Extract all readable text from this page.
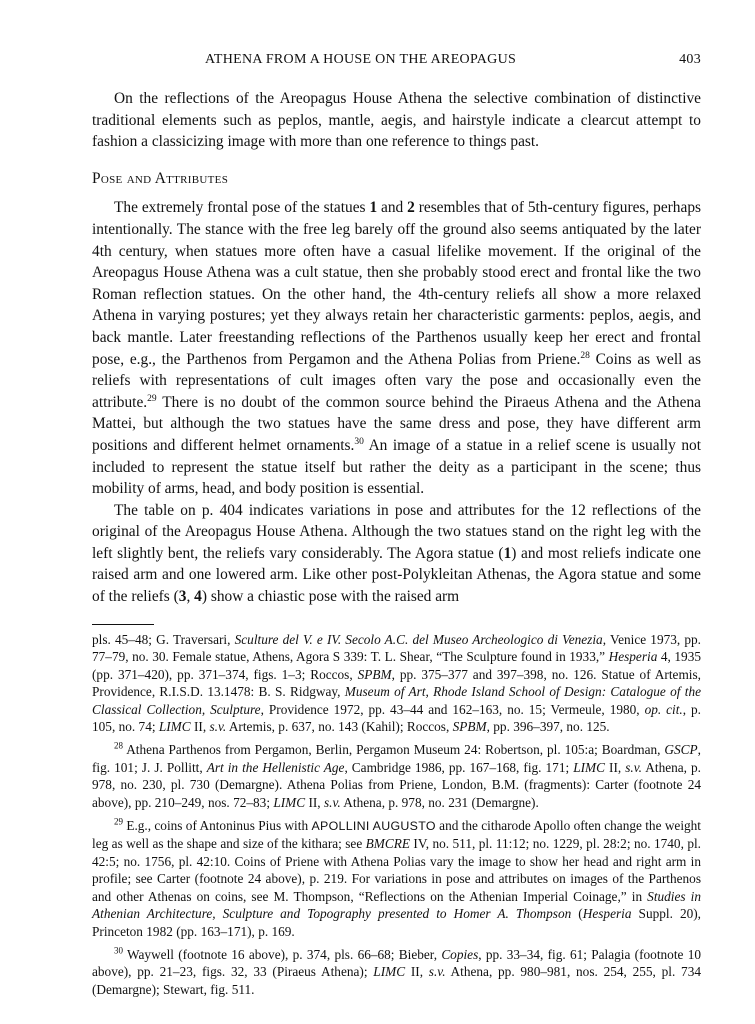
ATHENA FROM A HOUSE ON THE AREOPAGUS	403

On the reflections of the Areopagus House Athena the selective combination of distinctive traditional elements such as peplos, mantle, aegis, and hairstyle indicate a clearcut attempt to fashion a classicizing image with more than one reference to things past.

Pose and Attributes

The extremely frontal pose of the statues 1 and 2 resembles that of 5th-century figures, perhaps intentionally. The stance with the free leg barely off the ground also seems antiquated by the later 4th century, when statues more often have a casual lifelike movement. If the original of the Areopagus House Athena was a cult statue, then she probably stood erect and frontal like the two Roman reflection statues. On the other hand, the 4th-century reliefs all show a more relaxed Athena in varying postures; yet they always retain her characteristic garments: peplos, aegis, and back mantle. Later freestanding reflections of the Parthenos usually keep her erect and frontal pose, e.g., the Parthenos from Pergamon and the Athena Polias from Priene.$^{28}$ Coins as well as reliefs with representations of cult images often vary the pose and occasionally even the attribute.$^{29}$ There is no doubt of the common source behind the Piraeus Athena and the Athena Mattei, but although the two statues have the same dress and pose, they have different arm positions and different helmet ornaments.$^{30}$ An image of a statue in a relief scene is usually not included to represent the statue itself but rather the deity as a participant in the scene; thus mobility of arms, head, and body position is essential.

The table on p. 404 indicates variations in pose and attributes for the 12 reflections of the original of the Areopagus House Athena. Although the two statues stand on the right leg with the left slightly bent, the reliefs vary considerably. The Agora statue (1) and most reliefs indicate one raised arm and one lowered arm. Like other post-Polykleitan Athenas, the Agora statue and some of the reliefs (3, 4) show a chiastic pose with the raised arm

pls. 45–48; G. Traversari, Sculture del V. e IV. Secolo A.C. del Museo Archeologico di Venezia, Venice 1973, pp. 77–79, no. 30. Female statue, Athens, Agora S 339: T. L. Shear, “The Sculpture found in 1933,” Hesperia 4, 1935 (pp. 371–420), pp. 371–374, figs. 1–3; Roccos, SPBM, pp. 375–377 and 397–398, no. 126. Statue of Artemis, Providence, R.I.S.D. 13.1478: B. S. Ridgway, Museum of Art, Rhode Island School of Design: Catalogue of the Classical Collection, Sculpture, Providence 1972, pp. 43–44 and 162–163, no. 15; Vermeule, 1980, op. cit., p. 105, no. 74; LIMC II, s.v. Artemis, p. 637, no. 143 (Kahil); Roccos, SPBM, pp. 396–397, no. 125.

$^{28}$ Athena Parthenos from Pergamon, Berlin, Pergamon Museum 24: Robertson, pl. 105:a; Boardman, GSCP, fig. 101; J. J. Pollitt, Art in the Hellenistic Age, Cambridge 1986, pp. 167–168, fig. 171; LIMC II, s.v. Athena, p. 978, no. 230, pl. 730 (Demargne). Athena Polias from Priene, London, B.M. (fragments): Carter (footnote 24 above), pp. 210–249, nos. 72–83; LIMC II, s.v. Athena, p. 978, no. 231 (Demargne).

$^{29}$ E.g., coins of Antoninus Pius with APOLLINI AUGUSTO and the citharode Apollo often change the weight leg as well as the shape and size of the kithara; see BMCRE IV, no. 511, pl. 11:12; no. 1229, pl. 28:2; no. 1740, pl. 42:5; no. 1756, pl. 42:10. Coins of Priene with Athena Polias vary the image to show her head and right arm in profile; see Carter (footnote 24 above), p. 219. For variations in pose and attributes on images of the Parthenos and other Athenas on coins, see M. Thompson, “Reflections on the Athenian Imperial Coinage,” in Studies in Athenian Architecture, Sculpture and Topography presented to Homer A. Thompson (Hesperia Suppl. 20), Princeton 1982 (pp. 163–171), p. 169.

$^{30}$ Waywell (footnote 16 above), p. 374, pls. 66–68; Bieber, Copies, pp. 33–34, fig. 61; Palagia (footnote 10 above), pp. 21–23, figs. 32, 33 (Piraeus Athena); LIMC II, s.v. Athena, pp. 980–981, nos. 254, 255, pl. 734 (Demargne); Stewart, fig. 511.
